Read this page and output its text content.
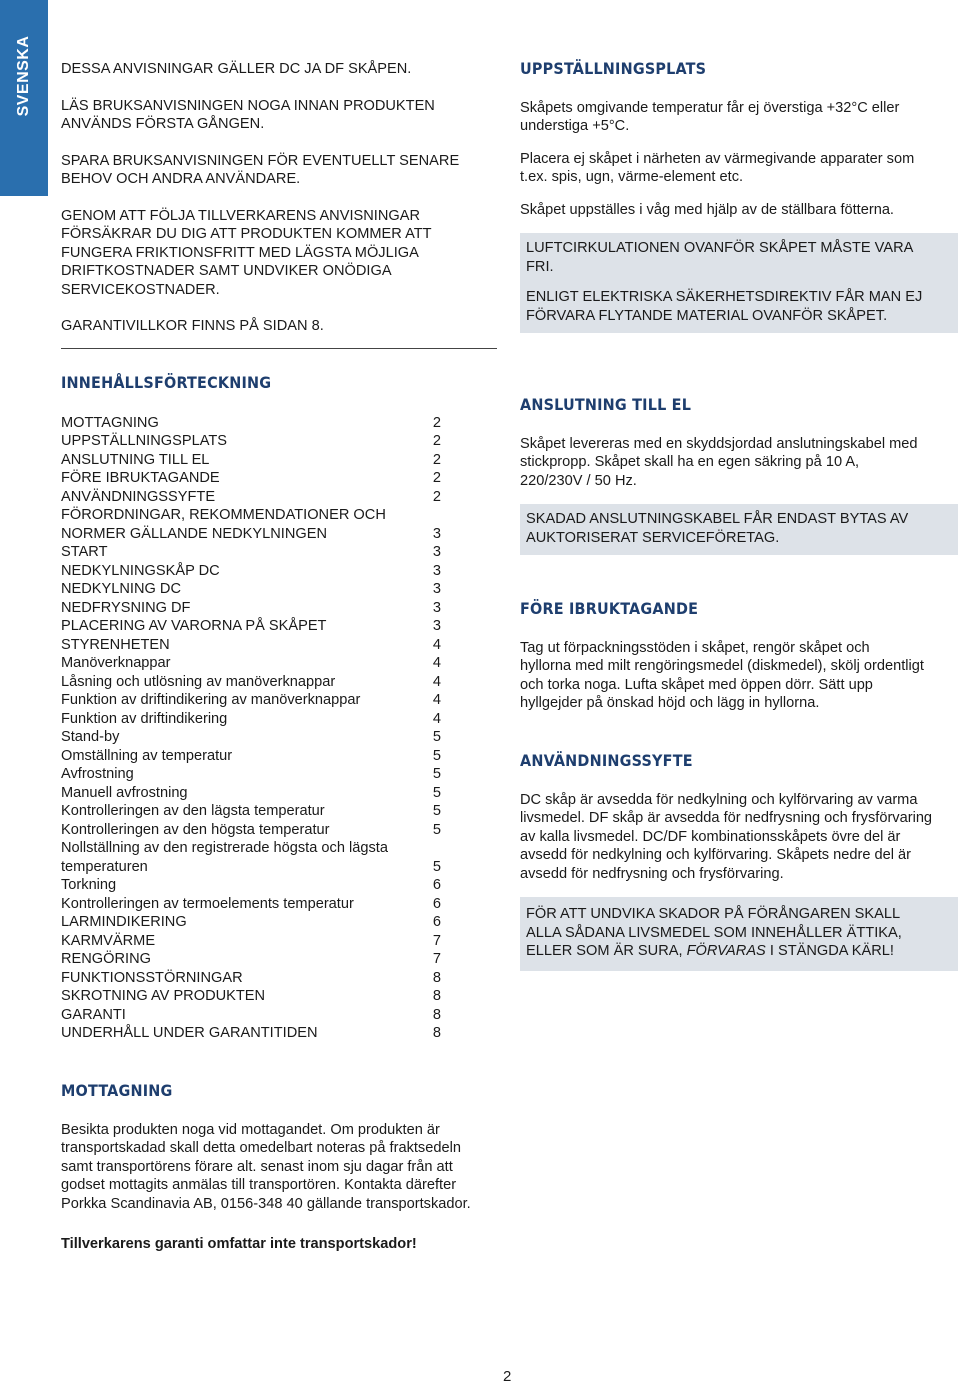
SVENSKA DESSA ANVISNINGAR GÄLLER DC JA DF SKÅPEN.

LÄS BRUKSANVISNINGEN NOGA INNAN PRODUKTEN
ANVÄNDS FÖRSTA GÅNGEN.

SPARA BRUKSANVISNINGEN FÖR EVENTUELLT SENARE
BEHOV OCH ANDRA ANVÄNDARE.

GENOM ATT FÖLJA TILLVERKARENS ANVISNINGAR
FÖRSÄKRAR DU DIG ATT PRODUKTEN KOMMER ATT
FUNGERA FRIKTIONSFRITT MED LÄGSTA MÖJLIGA
DRIFTKOSTNADER SAMT UNDVIKER ONÖDIGA
SERVICEKOSTNADER.

GARANTIVILLKOR FINNS PÅ SIDAN 8.

INNEHÅLLSFÖRTECKNING
MOTTAGNING	2
UPPSTÄLLNINGSPLATS	2
ANSLUTNING TILL EL	2
FÖRE IBRUKTAGANDE	2
ANVÄNDNINGSSYFTE	2
FÖRORDNINGAR, REKOMMENDATIONER OCH
NORMER GÄLLANDE NEDKYLNINGEN	3
START	3
NEDKYLNINGSKÅP DC	3
NEDKYLNING DC	3
NEDFRYSNING DF	3
PLACERING AV VARORNA PÅ SKÅPET	3
STYRENHETEN	4
Manöverknappar	4
Låsning och utlösning av manöverknappar	4
Funktion av driftindikering av manöverknappar	4
Funktion av driftindikering	4
Stand-by	5
Omställning av temperatur	5
Avfrostning	5
Manuell avfrostning	5
Kontrolleringen av den lägsta temperatur	5
Kontrolleringen av den högsta temperatur	5
Nollställning av den registrerade högsta och lägsta
temperaturen	5
Torkning	6
Kontrolleringen av termoelements temperatur	6
LARMINDIKERING	6
KARMVÄRME	7
RENGÖRING	7
FUNKTIONSSTÖRNINGAR	8
SKROTNING AV PRODUKTEN	8
GARANTI	8
UNDERHÅLL UNDER GARANTITIDEN	8
MOTTAGNING

Besikta produkten noga vid mottagandet. Om produkten är
transportskadad skall detta omedelbart noteras på fraktsedeln
samt transportörens förare alt. senast inom sju dagar från att
godset mottagits anmälas till transportören. Kontakta därefter
Porkka Scandinavia AB, 0156-348 40 gällande transportskador.

Tillverkarens garanti omfattar inte transportskador!

UPPSTÄLLNINGSPLATS

Skåpets omgivande temperatur får ej överstiga +32°C eller
understiga +5°C.

Placera ej skåpet i närheten av värmegivande apparater som
t.ex. spis, ugn, värme-element etc.

Skåpet uppställes i våg med hjälp av de ställbara fötterna.

LUFTCIRKULATIONEN OVANFÖR SKÅPET MÅSTE VARA
FRI.

ENLIGT ELEKTRISKA SÄKERHETSDIREKTIV FÅR MAN EJ
FÖRVARA FLYTANDE MATERIAL OVANFÖR SKÅPET.

ANSLUTNING TILL EL

Skåpet levereras med en skyddsjordad anslutningskabel med
stickpropp. Skåpet skall ha en egen säkring på 10 A,
220/230V / 50 Hz.

SKADAD ANSLUTNINGSKABEL FÅR ENDAST BYTAS AV
AUKTORISERAT SERVICEFÖRETAG.

FÖRE IBRUKTAGANDE

Tag ut förpackningsstöden i skåpet, rengör skåpet och
hyllorna med milt rengöringsmedel (diskmedel), skölj ordentligt
och torka noga. Lufta skåpet med öppen dörr. Sätt upp
hyllgejder på önskad höjd och lägg in hyllorna.

ANVÄNDNINGSSYFTE

DC skåp är avsedda för nedkylning och kylförvaring av varma
livsmedel. DF skåp är avsedda för nedfrysning och frysförvaring
av kalla livsmedel. DC/DF kombinationsskåpets övre del är
avsedd för nedkylning och kylförvaring. Skåpets nedre del är
avsedd för nedfrysning och frysförvaring.

FÖR ATT UNDVIKA SKADOR PÅ FÖRÅNGAREN SKALL
ALLA SÅDANA LIVSMEDEL SOM INNEHÅLLER ÄTTIKA,
ELLER SOM ÄR SURA, FÖRVARAS I STÄNGDA KÄRL!

2
